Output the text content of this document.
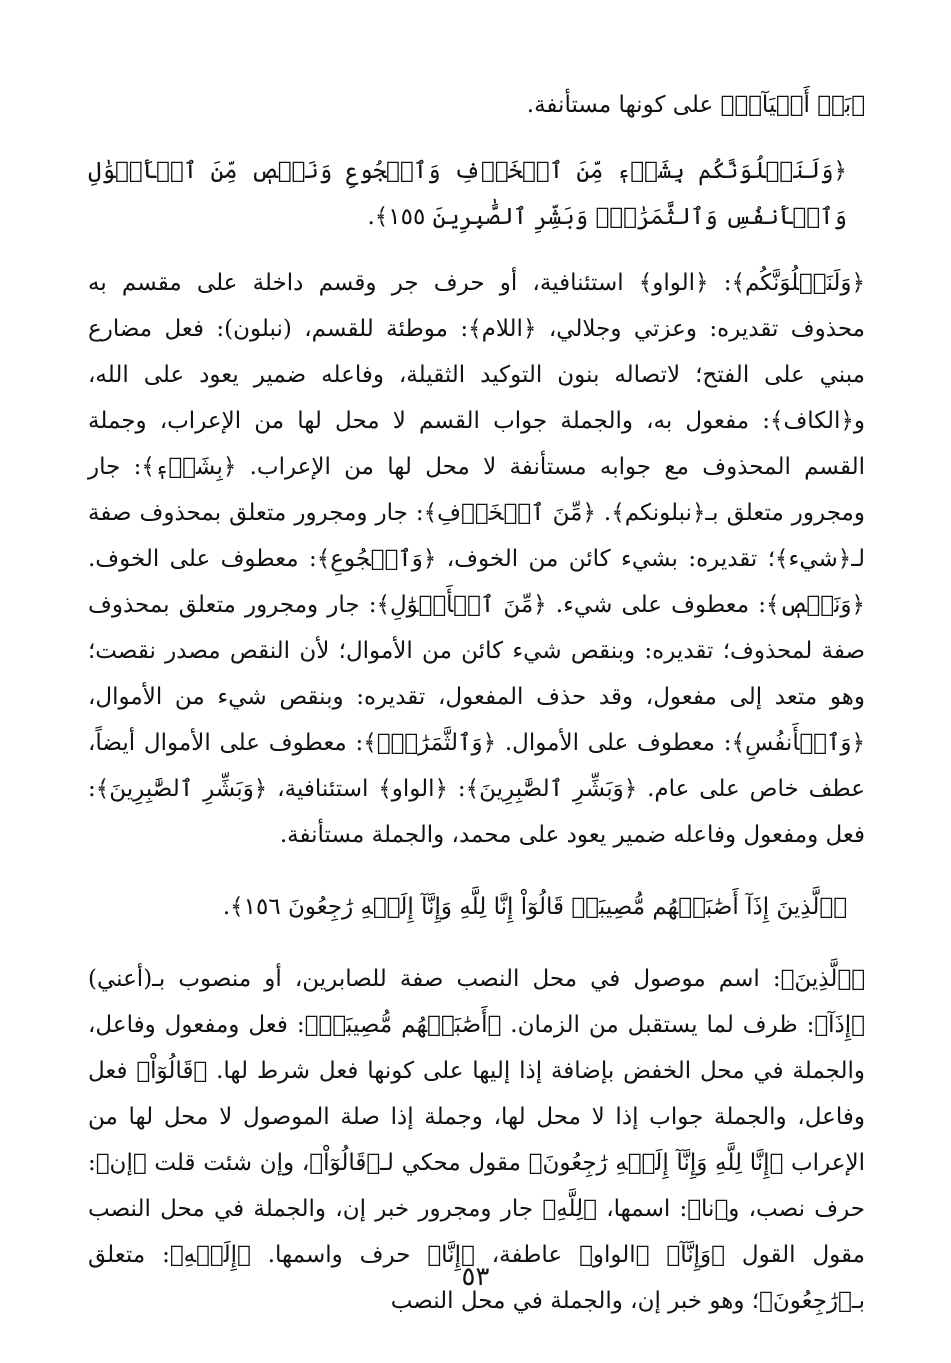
﴿بَلۡ أَحۡيَآءٞ﴾ على كونها مستأنفة.

﴿وَلَنَبۡلُوَنَّكُم بِشَيۡءٖ مِّنَ ٱلۡخَوۡفِ وَٱلۡجُوعِ وَنَقۡصٖ مِّنَ ٱلۡأَمۡوَٰلِ وَٱلۡأَنفُسِ وَٱلثَّمَرَٰتِۗ وَبَشِّرِ ٱلصَّٰبِرِينَ ١٥٥﴾.

﴿وَلَنَبۡلُوَنَّكُم﴾: ﴿الواو﴾ استئنافية، أو حرف جر وقسم داخلة على مقسم به محذوف تقديره: وعزتي وجلالي، ﴿اللام﴾: موطئة للقسم، (نبلون): فعل مضارع مبني على الفتح؛ لاتصاله بنون التوكيد الثقيلة، وفاعله ضمير يعود على الله، و﴿الكاف﴾: مفعول به، والجملة جواب القسم لا محل لها من الإعراب، وجملة القسم المحذوف مع جوابه مستأنفة لا محل لها من الإعراب. ﴿بِشَيۡءٖ﴾: جار ومجرور متعلق بـ﴿نبلونكم﴾. ﴿مِّنَ ٱلۡخَوۡفِ﴾: جار ومجرور متعلق بمحذوف صفة لـ﴿شيء﴾؛ تقديره: بشيء كائن من الخوف، ﴿وَٱلۡجُوعِ﴾: معطوف على الخوف. ﴿وَنَقۡصٖ﴾: معطوف على شيء. ﴿مِّنَ ٱلۡأَمۡوَٰلِ﴾: جار ومجرور متعلق بمحذوف صفة لمحذوف؛ تقديره: وبنقص شيء كائن من الأموال؛ لأن النقص مصدر نقصت؛ وهو متعد إلى مفعول، وقد حذف المفعول، تقديره: وبنقص شيء من الأموال، ﴿وَٱلۡأَنفُسِ﴾: معطوف على الأموال. ﴿وَٱلثَّمَرَٰتِۗ﴾: معطوف على الأموال أيضاً، عطف خاص على عام. ﴿وَبَشِّرِ ٱلصَّٰبِرِينَ﴾: ﴿الواو﴾ استئنافية، ﴿وَبَشِّرِ ٱلصَّٰبِرِينَ﴾: فعل ومفعول وفاعله ضمير يعود على محمد، والجملة مستأنفة.

﴿ٱلَّذِينَ إِذَآ أَصَٰبَتۡهُم مُّصِيبَةٞ قَالُوٓاْ إِنَّا لِلَّهِ وَإِنَّآ إِلَيۡهِ رَٰجِعُونَ ١٥٦﴾.

﴿ٱلَّذِينَ﴾: اسم موصول في محل النصب صفة للصابرين، أو منصوب بـ(أعني) ﴿إِذَآ﴾: ظرف لما يستقبل من الزمان. ﴿أَصَٰبَتۡهُم مُّصِيبَةٞ﴾: فعل ومفعول وفاعل، والجملة في محل الخفض بإضافة إذا إليها على كونها فعل شرط لها. ﴿قَالُوٓاْ﴾ فعل وفاعل، والجملة جواب إذا لا محل لها، وجملة إذا صلة الموصول لا محل لها من الإعراب ﴿إِنَّا لِلَّهِ وَإِنَّآ إِلَيۡهِ رَٰجِعُونَ﴾ مقول محكي لـ﴿قَالُوٓاْ﴾، وإن شئت قلت ﴿إن﴾: حرف نصب، و﴿نا﴾: اسمها، ﴿لِلَّهِ﴾ جار ومجرور خبر إن، والجملة في محل النصب مقول القول ﴿وَإِنَّآ﴾ ﴿الواو﴾ عاطفة، ﴿إِنَّا﴾ حرف واسمها. ﴿إِلَيۡهِ﴾: متعلق بـ﴿رَٰجِعُونَ﴾؛ وهو خبر إن، والجملة في محل النصب

٥٣
